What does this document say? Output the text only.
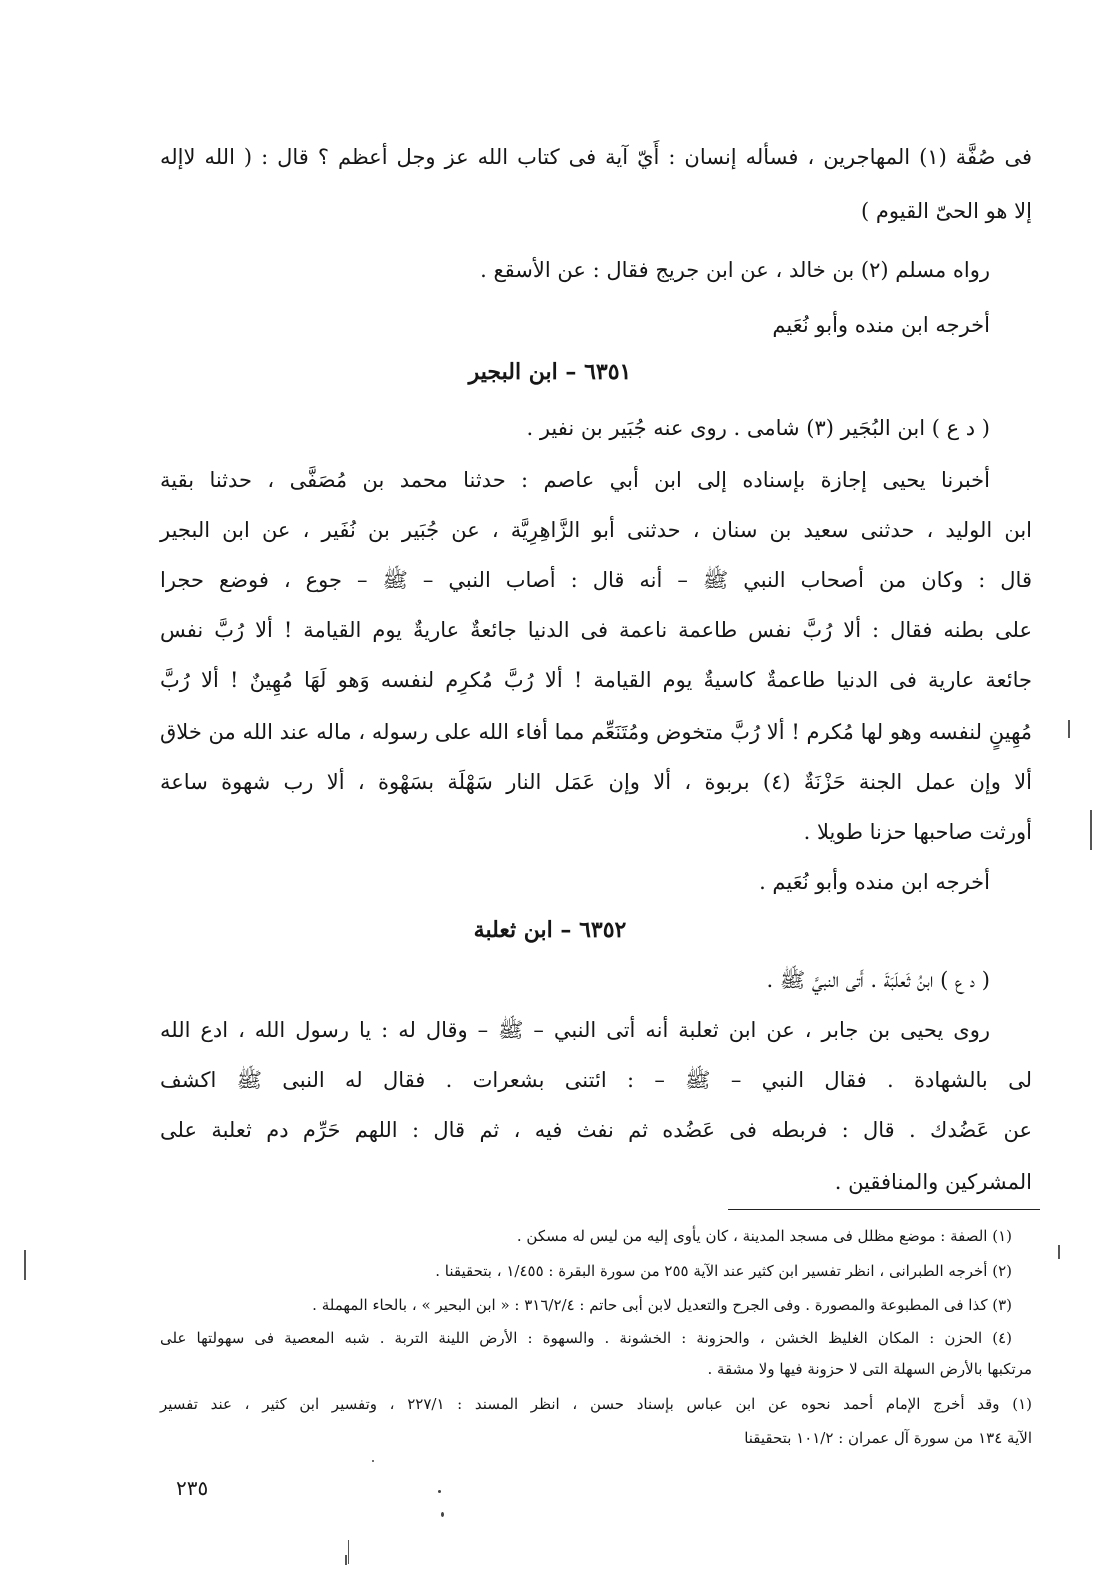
فى صُفَّة (١) المهاجرين ، فسأله إنسان : أَيّ آية فى كتاب الله عز وجل أعظم ؟ قال : ( الله لاإله
إلا هو الحىّ القيوم )
رواه مسلم (٢) بن خالد ، عن ابن جريج فقال : عن الأسقع .
أخرجه ابن منده وأبو نُعَيم
٦٣٥١ – ابن البجير
( د ع ) ابن البُجَير (٣) شامى . روى عنه جُبَير بن نفير .
أخبرنا يحيى إجازة بإسناده إلى ابن أبي عاصم : حدثنا محمد بن مُصَفَّى ، حدثنا بقية
ابن الوليد ، حدثنى سعيد بن سنان ، حدثنى أبو الزَّاهِرِيَّة ، عن جُبَير بن نُفَير ، عن ابن البجير
قال : وكان من أصحاب النبي ﷺ – أنه قال : أصاب النبي – ﷺ – جوع ، فوضع حجرا
على بطنه فقال : ألا رُبَّ نفس طاعمة ناعمة فى الدنيا جائعةٌ عاريةٌ يوم القيامة ! ألا رُبَّ نفس
جائعة عارية فى الدنيا طاعمةٌ كاسيةٌ يوم القيامة ! ألا رُبَّ مُكرِم لنفسه وَهو لَهَا مُهِينٌ ! ألا رُبَّ
مُهِينٍ لنفسه وهو لها مُكرم ! ألا رُبَّ متخوض ومُتَنَعِّم مما أفاء الله على رسوله ، ماله عند الله من خلاق
ألا وإن عمل الجنة حَزْنَةٌ (٤) بربوة ، ألا وإن عَمَل النار سَهْلَة بسَهْوة ، ألا رب شهوة ساعة
أورثت صاحبها حزنا طويلا .
أخرجه ابن منده وأبو نُعَيم .
٦٣٥٢ – ابن ثعلبة
( د ع ) ابنُ ثَعلَبَةَ . أَتى النبيَّ ﷺ .
روى يحيى بن جابر ، عن ابن ثعلبة أنه أتى النبي – ﷺ – وقال له : يا رسول الله ، ادع الله
لى بالشهادة . فقال النبي – ﷺ – : ائتنى بشعرات . فقال له النبى ﷺ اكشف
عن عَضُدك . قال : فربطه فى عَضُده ثم نفث فيه ، ثم قال : اللهم حَرِّم دم ثعلبة على
المشركين والمنافقين .
(١) الصفة : موضع مظلل فى مسجد المدينة ، كان يأوى إليه من ليس له مسكن .
(٢) أخرجه الطبرانى ، انظر تفسير ابن كثير عند الآية ٢٥٥ من سورة البقرة : ١/٤٥٥ ، بتحقيقنا .
(٣) كذا فى المطبوعة والمصورة . وفى الجرح والتعديل لابن أبى حاتم : ٣١٦/٢/٤ : « ابن البحير » ، بالحاء المهملة .
(٤) الحزن : المكان الغليظ الخشن ، والحزونة : الخشونة . والسهوة : الأرض اللينة التربة . شبه المعصية فى سهولتها على
مرتكبها بالأرض السهلة التى لا حزونة فيها ولا مشقة .
(١) وقد أخرج الإمام أحمد نحوه عن ابن عباس بإسناد حسن ، انظر المسند : ٢٢٧/١ ، وتفسير ابن كثير ، عند تفسير
الآية ١٣٤ من سورة آل عمران : ١٠١/٢ بتحقيقنا
٢٣٥
